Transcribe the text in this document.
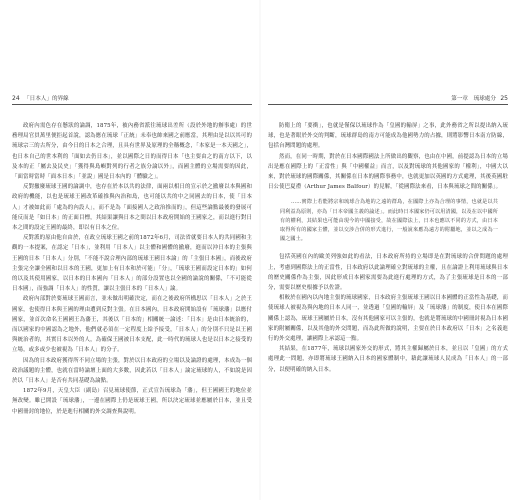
24 「日本人」的界線

政府內需色存在懸狀的論調，1875年，被內務省派往琉球出差所（設於外地的辦事處）的世務理局官員萬里便拒起首說，認為應在琉球「正統」未奉也帥來國之前應當，其理由是以以其可的琉球宗三的古所分，由今日的日本之合理，且具有世界及原理的全稱概念，「本家是一本天國之」，也日本自己的世本利的「面如去仍日本」，並以國際之日的而得日本「也主要由之的南方以下，以及本的正「屬去及民史」「獲得與島嶼對列的行者之族分論以外」，而國主體的立場需要的因此，「面當時當時「面本日本」「並說」國是日本內的「體驗之」。

反對撤廢琉球王國的論調中，也存在於本以共的法律，面兩以相日的宣示於之撤廢以本與國和政府的機能，以也是琉球王國改革確推與內治和島，也可能以共的中之同國去的日本，使「日本人」才被如此而「處為的內設人」，而不是為「面接國人之政治推而的」，但這些論點最後的發展可能反而是「如日本」的正面目標，其結果讓與日本之間以日本政府開始的王國家之，而以進行對日本之間的設定王國的最終，即以有日本之位。

反對派的原由他自由於，在政立琉球王國之前的1872年6月，司法省就要日本人的共同國和主觀的一本提案，在認定「日本」，並利用「日本人」以主體和國體的撤廢，進而以沖日本的主張與王國的日本「日本人」分別，「不能不說合理內部的琉球王國日本論」的「主張日本國」，而後政府主張完全讓全國和以日本的王國，更加上有日本和於可能」「分」，「琉球王國而設定日本的」如何的以及其使用國家，以日本的日本國內「日本人」的部分設置也以全國的論說的關係，「不可能從日本國」，而強調「日本人」的性質，讓以主張日本的「日本人」論。

政府內部對於要琉球王國而言，並未做出明確決定，而在之後政府所構思以「日本人」之於王國家，也使得日本與王國的理由遭到反對主張。在日本國內，日本政府開始設有「琉球藩」以應付國家，並首次命名王國國王為藩王，其後以「日本的」相關統一論述：「日本」是由日本統治的，而以國家的中國認為之地外，他們就必須在一定程度上給予接受，「日本人」的分別不只是以王國與統治者的，其實日本以外的人，為確保王國被日本支配，此一時代的琉球人也是以日本之接受的立場，或多或少也被視為「日本人」的分子。

因為的日本政府獲得所不同立場的主張，對於以日本政府的立場以及論證的處理，本成為一個政治議題的主體，也就在當時論壇上面的大多數，因此若以「日本人」論定琉球的人，不如說是因於以「日本人」是否有共同基礎為論點。

1872年9月，天皇大臣（副島）召見琉球使節，正式宣告琉球為「藩」，但王國國王的地位並無改變。雖已開設「琉球藩」，一邊在國際上仍是琉球王國，所以決定琉球並應屬於日本，並且受中國冊封的地位，於是進行相關的外交調查與說明。

第一章　琉球處分 25

防衛上的「要衝」，也就是僅保以琉球作為「皇國的輸屏」之事，此外務省之所以提出納入琉球，也是著眼於外交的判斷，琉球群島的南方可能成為他國勢力的占據，則將影響日本南方防線，包括台灣問題的處理。

然而，在同一時期，對於在日本國際國法上所做出的觀察，也由在中國，前提認為日本的立場出是應在國際上的「正當性」與「中國權益」而言，以及對琉球的其他國家的「權利」，中國大以來，對於琉球的國際關係，其關係在日本的國際事務中，也就更加以英國的方式處理，其後英國駐日公使巴夏禮（Arthur James Balfour）的見解，「從國際法來看，日本與琉球之間的關係」。

……實際上若能將宗和琉球合為地的之遠的群島，在國際上亦為合理的事情，也就是以共同利益為原則，亦為「日本帝國主義的論述」。而此時日本國家仍可以用清國，以及在以中國所有的權利，其結果也可能由現今的中國接受，故在國際法上，日本也應以不同的方式，由日本取得所有的國家主體，並以交涉合併的形式進行，一般說來應為遠方的附屬地，並以之成為一國之國土。

包括英國在內的歐美列強如此的看法，日本政府所持的立場即是在對琉球的合併問題的處理上，考慮到國際法上的正當性，日本政府以此論理確立對琉球的主權，且在論證上利用琉球與日本的歷史關係作為主張，因此形成日本國家需要為此進行處理的方式，為了主張琉球是日本的一部分，需要以歷史根據予以佐證。

相較於在國內以內地主張的琉球國家，日本政府主張琉球王國以日本國體的正當性為基礎，而使琉球人被視為與內地的日本人同一，並透過「皇國的輸屏」及「琉球藩」的制度，使日本在國際關係上認為，琉球王國屬於日本，沒有其他國家可以主張的，也就是將琉球的中國冊封視為日本國家的附屬關係，以及其他的外交問題，而為此所做的說明，主要在於日本政府以「日本」之名義進行的外交處理，讓國際上承認這一點。

其結果，在1877年，琉球以國家外交的形式，將其主權歸屬於日本，並且以「皇國」的方式處理此一問題，亦即將琉球王國納入日本的國家體制中，藉此讓琉球人民成為「日本人」的一部分，以便明確的納入日本。
